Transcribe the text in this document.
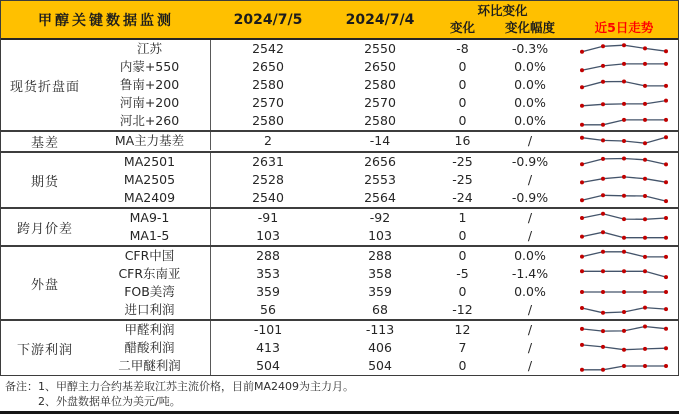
甲醇关键数据监测	2024/7/5	2024/7/4
环比变化
变化	变化幅度	近5日走势
现货折盘面
江苏	2542	2550	-8	-0.3%
内蒙+550	2650	2650	0	0.0%
鲁南+200	2580	2580	0	0.0%
河南+200	2570	2570	0	0.0%
河北+260	2580	2580	0	0.0%
基差	MA主力基差	2	-14	16	/
期货
MA2501	2631	2656	-25	-0.9%
MA2505	2528	2553	-25	/
MA2409	2540	2564	-24	-0.9%
跨月价差
MA9-1	-91	-92	1	/
MA1-5	103	103	0	/
外盘
CFR中国	288	288	0	0.0%
CFR东南亚	353	358	-5	-1.4%
FOB美湾	359	359	0	0.0%
进口利润	56	68	-12	/
下游利润
甲醛利润	-101	-113	12	/
醋酸利润	413	406	7	/
二甲醚利润	504	504	0	/
备注：1、甲醇主力合约基差取江苏主流价格，目前MA2409为主力月。
2、外盘数据单位为美元/吨。
